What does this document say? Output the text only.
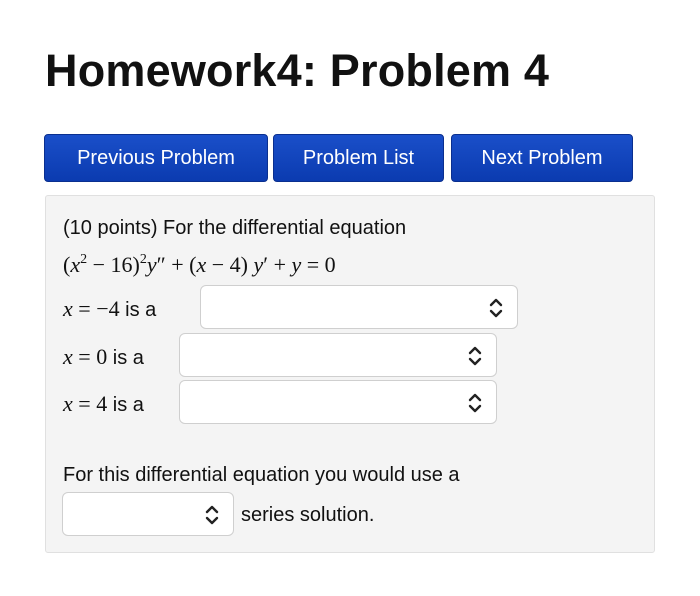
Homework4: Problem 4
Previous Problem	Problem List	Next Problem
(10 points) For the differential equation
$(x^2 - 16)^2y'' + (x - 4) y' + y = 0$
x = −4 is a
x = 0 is a
x = 4 is a
For this differential equation you would use a
series solution.
